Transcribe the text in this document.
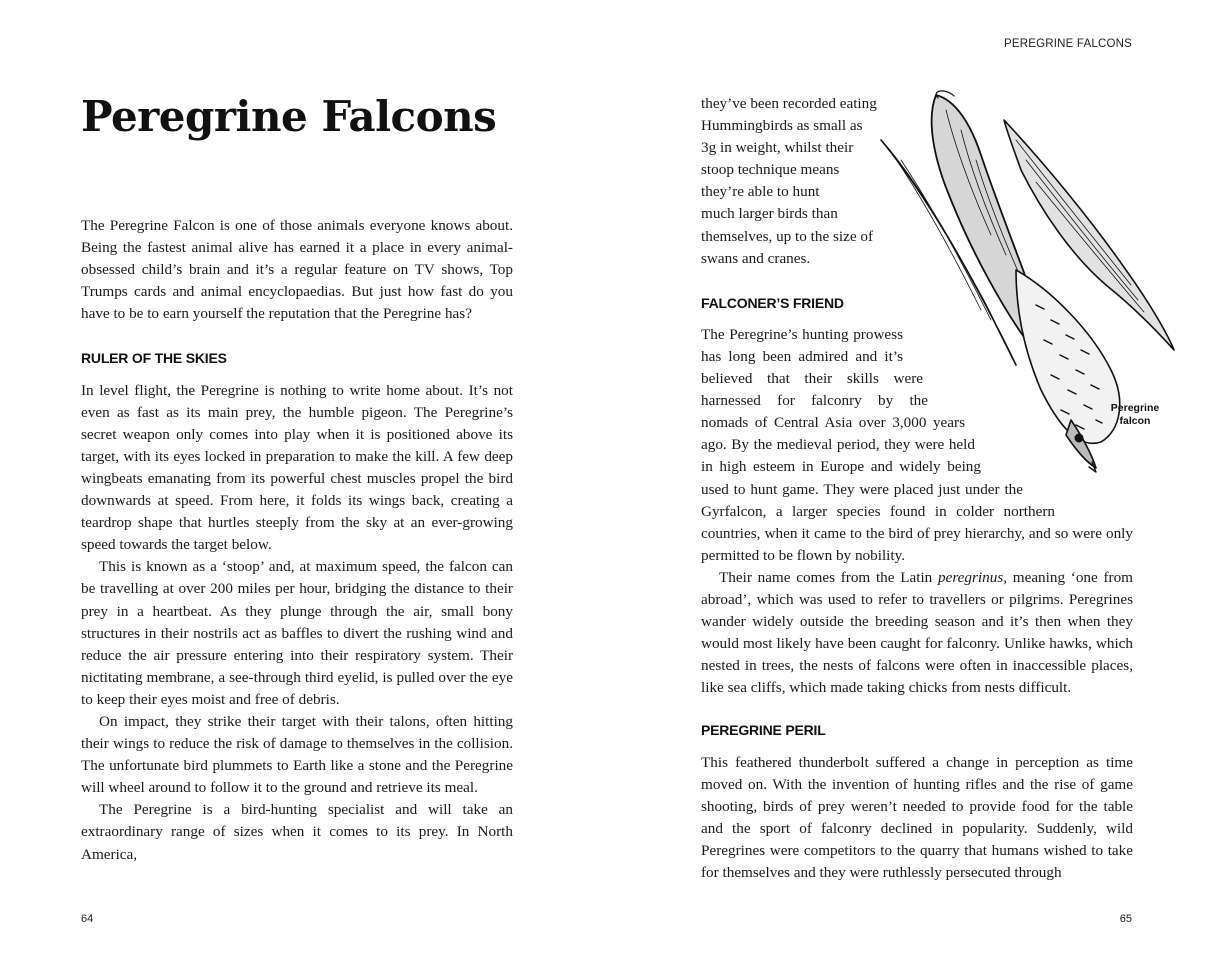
Peregrine Falcons

The Peregrine Falcon is one of those animals everyone knows about. Being the fastest animal alive has earned it a place in every animal-obsessed child’s brain and it’s a regular feature on TV shows, Top Trumps cards and animal encyclopaedias. But just how fast do you have to be to earn yourself the reputation that the Peregrine has?

RULER OF THE SKIES

In level flight, the Peregrine is nothing to write home about. It’s not even as fast as its main prey, the humble pigeon. The Peregrine’s secret weapon only comes into play when it is positioned above its target, with its eyes locked in preparation to make the kill. A few deep wingbeats emanating from its powerful chest muscles propel the bird downwards at speed. From here, it folds its wings back, creating a teardrop shape that hurtles steeply from the sky at an ever-growing speed towards the target below.

This is known as a ‘stoop’ and, at maximum speed, the falcon can be travelling at over 200 miles per hour, bridging the distance to their prey in a heartbeat. As they plunge through the air, small bony structures in their nostrils act as baffles to divert the rushing wind and reduce the air pressure entering into their respiratory system. Their nictitating membrane, a see-through third eyelid, is pulled over the eye to keep their eyes moist and free of debris.

On impact, they strike their target with their talons, often hitting their wings to reduce the risk of damage to themselves in the collision. The unfortunate bird plummets to Earth like a stone and the Peregrine will wheel around to follow it to the ground and retrieve its meal.

The Peregrine is a bird-hunting specialist and will take an extraordinary range of sizes when it comes to its prey. In North America,

64
PEREGRINE FALCONS

they’ve been recorded eating Hummingbirds as small as 3g in weight, whilst their stoop technique means they’re able to hunt much larger birds than themselves, up to the size of swans and cranes.

FALCONER’S FRIEND

The Peregrine’s hunting prowess has long been admired and it’s believed that their skills were harnessed for falconry by the nomads of Central Asia over 3,000 years ago. By the medieval period, they were held in high esteem in Europe and widely being used to hunt game. They were placed just under the Gyrfalcon, a larger species found in colder northern countries, when it came to the bird of prey hierarchy, and so were only permitted to be flown by nobility.

Their name comes from the Latin peregrinus, meaning ‘one from abroad’, which was used to refer to travellers or pilgrims. Peregrines wander widely outside the breeding season and it’s then when they would most likely have been caught for falconry. Unlike hawks, which nested in trees, the nests of falcons were often in inaccessible places, like sea cliffs, which made taking chicks from nests difficult.

PEREGRINE PERIL

This feathered thunderbolt suffered a change in perception as time moved on. With the invention of hunting rifles and the rise of game shooting, birds of prey weren’t needed to provide food for the table and the sport of falconry declined in popularity. Suddenly, wild Peregrines were competitors to the quarry that humans wished to take for themselves and they were ruthlessly persecuted through

Peregrine
falcon
65
